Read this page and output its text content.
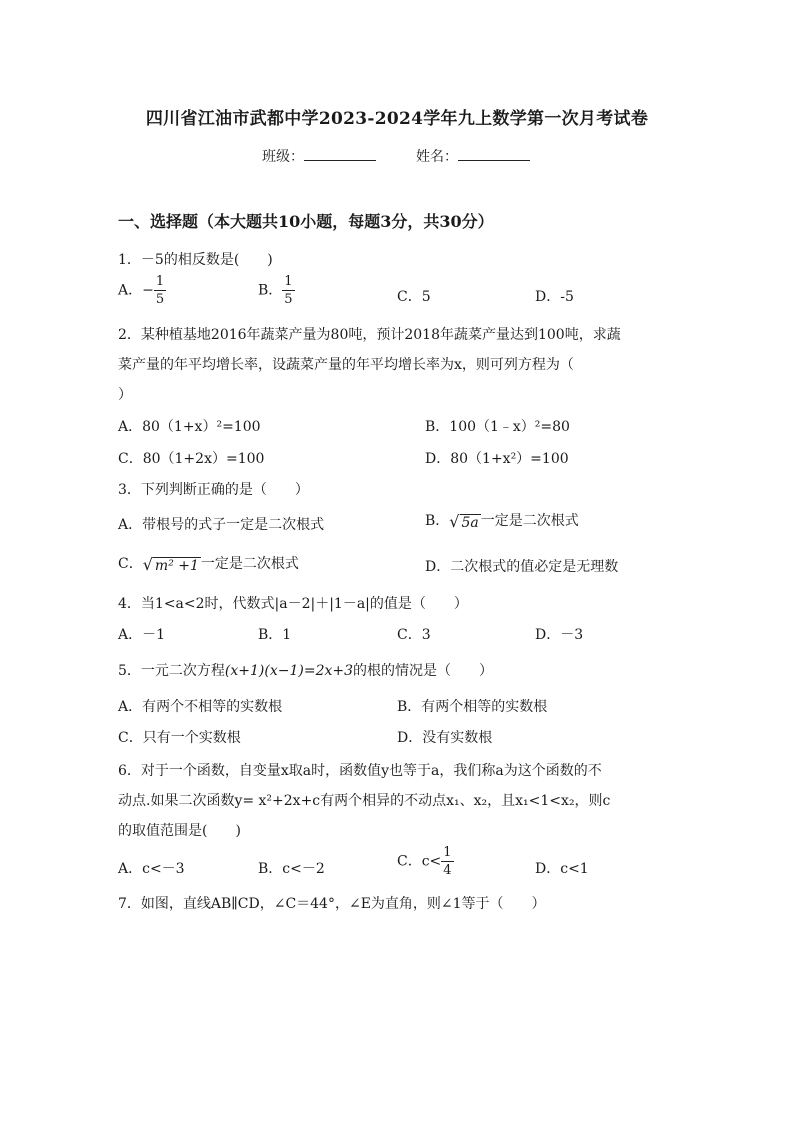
四川省江油市武都中学2023-2024学年九上数学第一次月考试卷
班级：	姓名：
一、选择题（本大题共10小题，每题3分，共30分）
1．－5的相反数是(　　)
A．− $\frac{1}{5}$	B． $\frac{1}{5}$	C．5	D．-5
2．某种植基地2016年蔬菜产量为80吨，预计2018年蔬菜产量达到100吨，求蔬
菜产量的年平均增长率，设蔬菜产量的年平均增长率为x，则可列方程为（
）
A．80（1+x）²=100	B．100（1﹣x）²=80
C．80（1+2x）=100	D．80（1+x²）=100
3．下列判断正确的是（　　）
A．带根号的式子一定是二次根式	B．√ 5a 一定是二次根式
C．√ m² +1 一定是二次根式	D．二次根式的值必定是无理数
4．当1<a<2时，代数式|a－2|＋|1－a|的值是（　　）
A．－1	B．1	C．3	D．－3
5．一元二次方程(x+1)(x−1)=2x+3的根的情况是（　　）
A．有两个不相等的实数根	B．有两个相等的实数根
C．只有一个实数根	D．没有实数根
6．对于一个函数，自变量x取a时，函数值y也等于a，我们称a为这个函数的不
动点.如果二次函数y= x²+2x+c有两个相异的不动点x₁、x₂，且x₁<1<x₂，则c
的取值范围是(　　)
A．c<－3	B．c<－2	C．$c< \frac{1}{4}$	D．c<1
7．如图，直线AB∥CD，∠C＝44°，∠E为直角，则∠1等于（　　）
